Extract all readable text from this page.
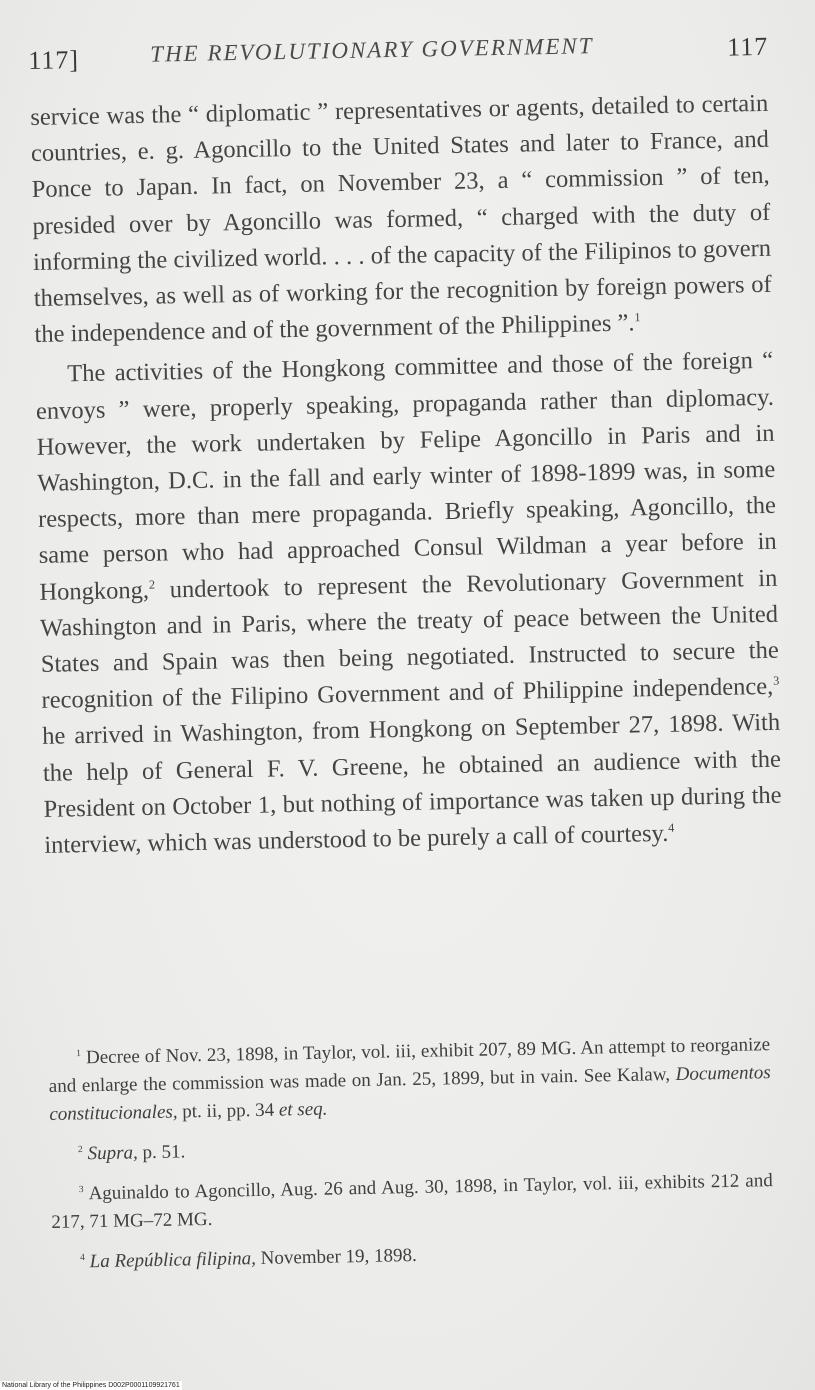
117]	THE REVOLUTIONARY GOVERNMENT	117

service was the “ diplomatic ” representatives or agents, detailed to certain countries, e. g. Agoncillo to the United States and later to France, and Ponce to Japan. In fact, on November 23, a “ commission ” of ten, presided over by Agoncillo was formed, “ charged with the duty of informing the civilized world. . . . of the capacity of the Filipinos to govern themselves, as well as of working for the recognition by foreign powers of the independence and of the government of the Philippines ”.$^1$

The activities of the Hongkong committee and those of the foreign “ envoys ” were, properly speaking, propaganda rather than diplomacy. However, the work undertaken by Felipe Agoncillo in Paris and in Washington, D.C. in the fall and early winter of 1898-1899 was, in some respects, more than mere propaganda. Briefly speaking, Agoncillo, the same person who had approached Consul Wildman a year before in Hongkong,$^2$ undertook to represent the Revolutionary Government in Washington and in Paris, where the treaty of peace between the United States and Spain was then being negotiated. Instructed to secure the recognition of the Filipino Government and of Philippine independence,$^3$ he arrived in Washington, from Hongkong on September 27, 1898. With the help of General F. V. Greene, he obtained an audience with the President on October 1, but nothing of importance was taken up during the interview, which was understood to be purely a call of courtesy.$^4$

$^1$ Decree of Nov. 23, 1898, in Taylor, vol. iii, exhibit 207, 89 MG. An attempt to reorganize and enlarge the commission was made on Jan. 25, 1899, but in vain. See Kalaw, Documentos constitucionales, pt. ii, pp. 34 et seq.

$^2$ Supra, p. 51.

$^3$ Aguinaldo to Agoncillo, Aug. 26 and Aug. 30, 1898, in Taylor, vol. iii, exhibits 212 and 217, 71 MG–72 MG.

$^4$ La República filipina, November 19, 1898.

National Library of the Philippines D002P0001109921761
